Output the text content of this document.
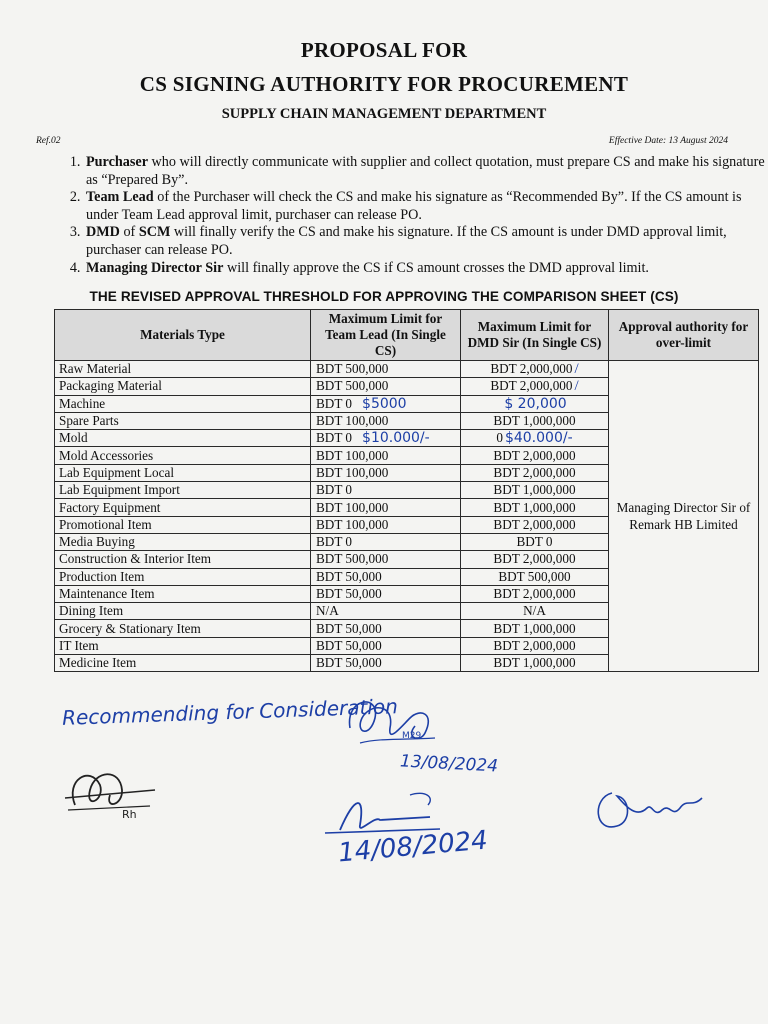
PROPOSAL FOR
CS SIGNING AUTHORITY FOR PROCUREMENT
SUPPLY CHAIN MANAGEMENT DEPARTMENT
Ref.02	Effective Date: 13 August 2024
1. Purchaser who will directly communicate with supplier and collect quotation, must prepare CS and make his signature as “Prepared By”.
2. Team Lead of the Purchaser will check the CS and make his signature as “Recommended By”. If the CS amount is under Team Lead approval limit, purchaser can release PO.
3. DMD of SCM will finally verify the CS and make his signature. If the CS amount is under DMD approval limit, purchaser can release PO.
4. Managing Director Sir will finally approve the CS if CS amount crosses the DMD approval limit.
THE REVISED APPROVAL THRESHOLD FOR APPROVING THE COMPARISON SHEET (CS)
Materials Type	Maximum Limit for Team Lead (In Single CS)	Maximum Limit for DMD Sir (In Single CS)	Approval authority for over-limit
Raw Material	BDT 500,000	BDT 2,000,000 /	Managing Director Sir of Remark HB Limited
Packaging Material	BDT 500,000	BDT 2,000,000 /	
Machine	BDT 0 $5000	$ 20,000	
Spare Parts	BDT 100,000	BDT 1,000,000	
Mold	BDT 0 $10.000/-	0 $40.000/-	
Mold Accessories	BDT 100,000	BDT 2,000,000	
Lab Equipment Local	BDT 100,000	BDT 2,000,000	
Lab Equipment Import	BDT 0	BDT 1,000,000	
Factory Equipment	BDT 100,000	BDT 1,000,000	
Promotional Item	BDT 100,000	BDT 2,000,000	
Media Buying	BDT 0	BDT 0	
Construction & Interior Item	BDT 500,000	BDT 2,000,000	
Production Item	BDT 50,000	BDT 500,000	
Maintenance Item	BDT 50,000	BDT 2,000,000	
Dining Item	N/A	N/A	
Grocery & Stationary Item	BDT 50,000	BDT 1,000,000	
IT Item	BDT 50,000	BDT 2,000,000	
Medicine Item	BDT 50,000	BDT 1,000,000	
Recommending for Consideration
13/08/2024
14/08/2024
M29
Rh
